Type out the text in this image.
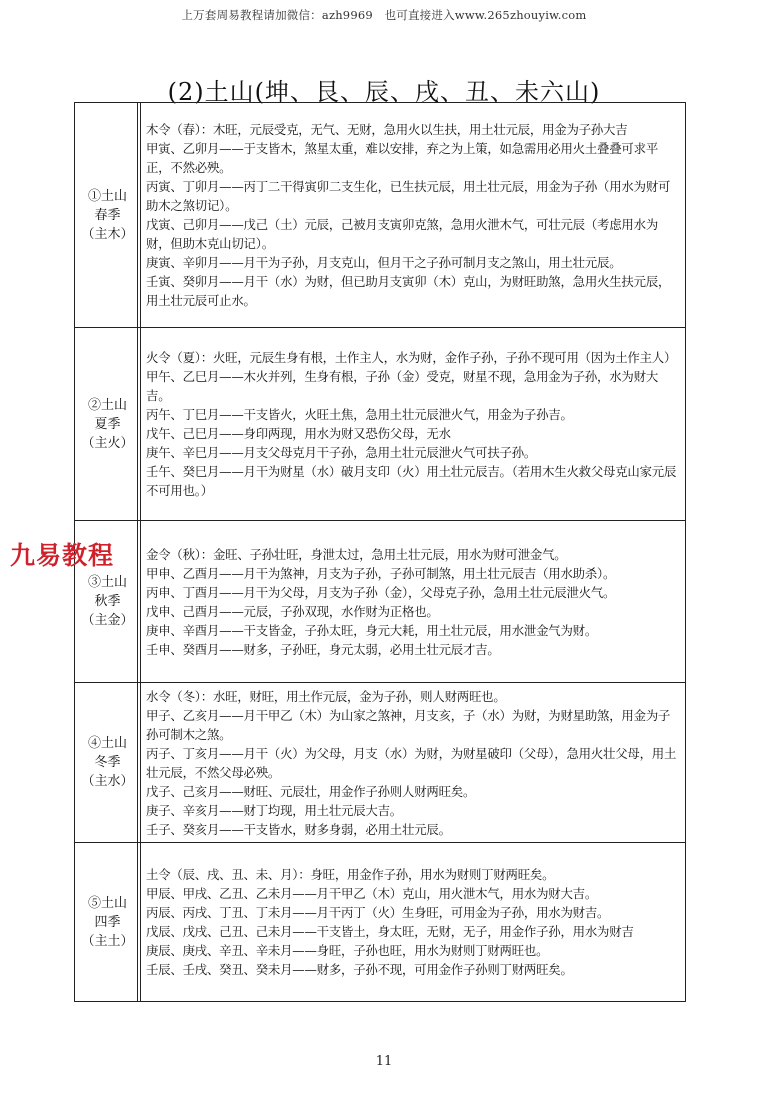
上万套周易教程请加微信：azh9969　也可直接进入www.265zhouyiw.com
(2)土山(坤、艮、辰、戌、丑、未六山)
①土山
春季
（主木）
木令（春）：木旺，元辰受克，无气、无财，急用火以生扶，用土壮元辰，用金为子孙大吉
甲寅、乙卯月——于支皆木，煞星太重，难以安排，弃之为上策，如急需用必用火土叠叠可求平正，不然必殃。
丙寅、丁卯月——丙丁二干得寅卯二支生化，已生扶元辰，用土壮元辰，用金为子孙（用水为财可助木之煞切记）。
戊寅、己卯月——戊己（土）元辰，己被月支寅卯克煞，急用火泄木气，可壮元辰（考虑用水为财，但助木克山切记）。
庚寅、辛卯月——月干为子孙，月支克山，但月干之子孙可制月支之煞山，用土壮元辰。
壬寅、癸卯月——月干（水）为财，但已助月支寅卯（木）克山，为财旺助煞，急用火生扶元辰，用土壮元辰可止水。
②土山
夏季
（主火）
火令（夏）：火旺，元辰生身有根，土作主人，水为财，金作子孙，子孙不现可用（因为土作主人）
甲午、乙巳月——木火并列，生身有根，子孙（金）受克，财星不现，急用金为子孙，水为财大吉。
丙午、丁巳月——干支皆火，火旺土焦，急用土壮元辰泄火气，用金为子孙吉。
戊午、己巳月——身印两现，用水为财又恐伤父母，无水
庚午、辛巳月——月支父母克月干子孙，急用土壮元辰泄火气可扶子孙。
壬午、癸巳月——月干为财星（水）破月支印（火）用土壮元辰吉。（若用木生火救父母克山家元辰不可用也。）
③土山
秋季
（主金）
金令（秋）：金旺、子孙壮旺，身泄太过，急用土壮元辰，用水为财可泄金气。
甲申、乙酉月——月干为煞神，月支为子孙，子孙可制煞，用土壮元辰吉（用水助杀）。
丙申、丁酉月——月干为父母，月支为子孙（金），父母克子孙，急用土壮元辰泄火气。
戊申、己酉月——元辰，子孙双现，水作财为正格也。
庚申、辛酉月——干支皆金，子孙太旺，身元大耗，用土壮元辰，用水泄金气为财。
壬申、癸酉月——财多，子孙旺，身元太弱，必用土壮元辰才吉。
④土山
冬季
（主水）
水令（冬）：水旺，财旺，用土作元辰，金为子孙，则人财两旺也。
甲子、乙亥月——月干甲乙（木）为山家之煞神，月支亥，子（水）为财，为财星助煞，用金为子孙可制木之煞。
丙子、丁亥月——月干（火）为父母，月支（水）为财，为财星破印（父母），急用火壮父母，用土壮元辰，不然父母必殃。
戊子、己亥月——财旺、元辰壮，用金作子孙则人财两旺矣。
庚子、辛亥月——财丁均现，用土壮元辰大吉。
壬子、癸亥月——干支皆水，财多身弱，必用土壮元辰。
⑤土山
四季
（主土）
土令（辰、戌、丑、未、月）：身旺，用金作子孙，用水为财则丁财两旺矣。
甲辰、甲戌、乙丑、乙未月——月干甲乙（木）克山，用火泄木气，用水为财大吉。
丙辰、丙戌、丁丑、丁未月——月干丙丁（火）生身旺，可用金为子孙，用水为财吉。
戊辰、戊戌、己丑、己未月——干支皆土，身太旺，无财，无子，用金作子孙，用水为财吉
庚辰、庚戌、辛丑、辛未月——身旺，子孙也旺，用水为财则丁财两旺也。
壬辰、壬戌、癸丑、癸未月——财多，子孙不现，可用金作子孙则丁财两旺矣。
九易教程
11
